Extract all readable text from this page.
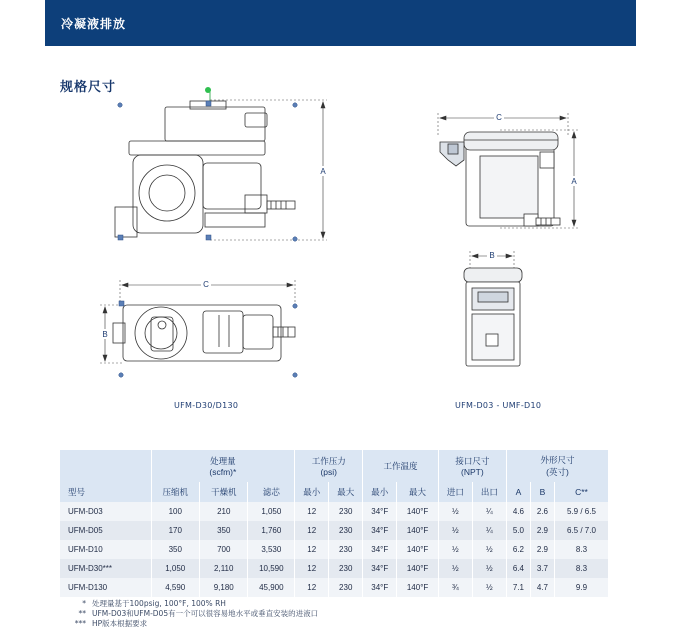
冷凝液排放
规格尺寸
A
C
B
UFM-D30/D130
C
A
B
UFM-D03 - UMF-D10
	处理量
(scfm)*			工作压力
(psi)		工作温度		接口尺寸
(NPT)		外形尺寸
(英寸)		
型号	压缩机	干燥机	滤芯	最小	最大	最小	最大	进口	出口	A	B	C**
UFM-D03	100	210	1,050	12	230	34°F	140°F	½	¼	4.6	2.6	5.9 / 6.5
UFM-D05	170	350	1,760	12	230	34°F	140°F	½	¼	5.0	2.9	6.5 / 7.0
UFM-D10	350	700	3,530	12	230	34°F	140°F	½	½	6.2	2.9	8.3
UFM-D30***	1,050	2,110	10,590	12	230	34°F	140°F	½	½	6.4	3.7	8.3
UFM-D130	4,590	9,180	45,900	12	230	34°F	140°F	¾	½	7.1	4.7	9.9
* 处理量基于100psig, 100°F, 100% RH
** UFM-D03和UFM-D05有一个可以很容易地水平或垂直安装的进液口
*** HP版本根据要求
